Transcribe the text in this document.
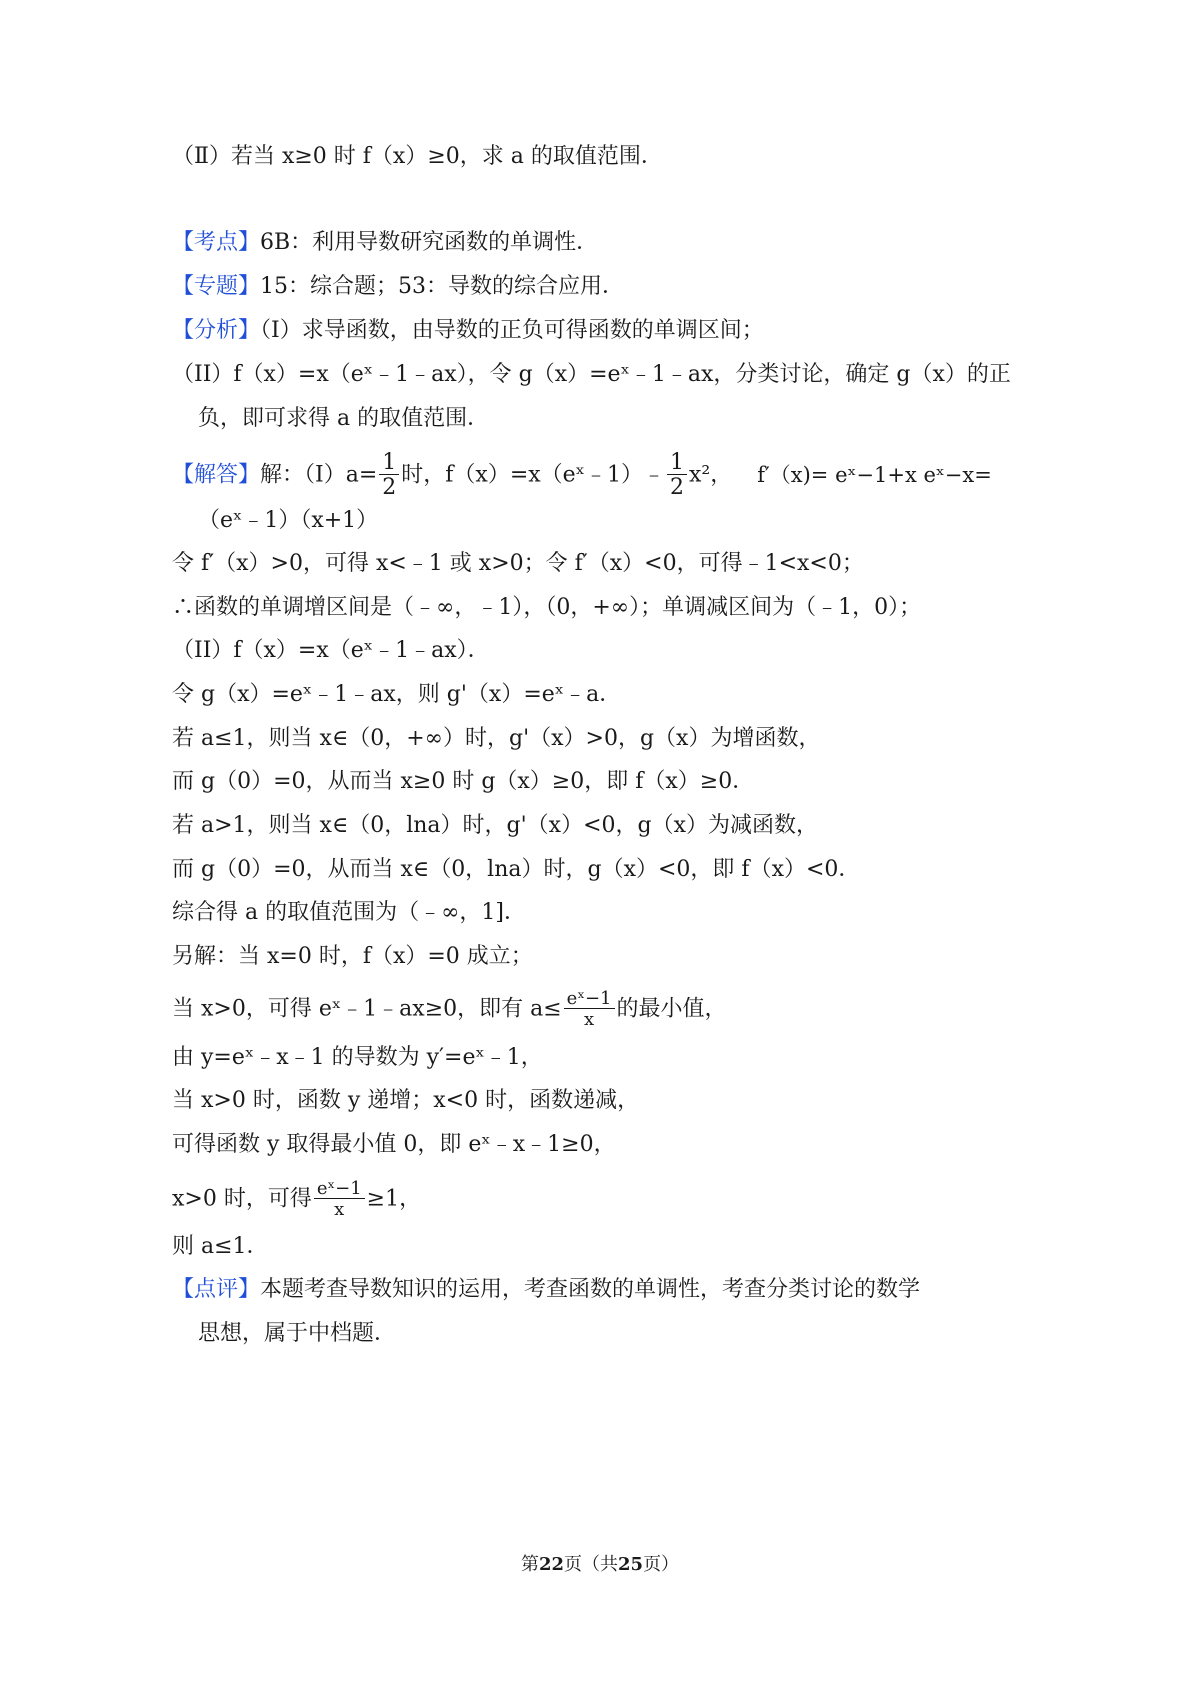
（Ⅱ）若当 x≥0 时 f（x）≥0，求 a 的取值范围．
【考点】6B：利用导数研究函数的单调性．
【专题】15：综合题；53：导数的综合应用．
【分析】（I）求导函数，由导数的正负可得函数的单调区间；
（II）f（x）=x（eˣ﹣1﹣ax），令 g（x）=eˣ﹣1﹣ax，分类讨论，确定 g（x）的正
负，即可求得 a 的取值范围．
【解答】解：$(I)a= \frac{1}{2}$ 时，f（x）=x（eˣ﹣1）﹣ $\frac{1}{2} x^2$， f′（x)= eˣ−1+x eˣ−x=
（eˣ﹣1）（x+1）
令 f′（x）>0，可得 x<﹣1 或 x>0；令 f′（x）<0，可得﹣1<x<0；
∴函数的单调增区间是（﹣∞，﹣1），（0，+∞）；单调减区间为（﹣1，0）；
（II）f（x）=x（eˣ﹣1﹣ax）．
令 g（x）=eˣ﹣1﹣ax，则 g'（x）=eˣ﹣a．
若 a≤1，则当 x∈（0，+∞）时，g'（x）>0，g（x）为增函数，
而 g（0）=0，从而当 x≥0 时 g（x）≥0，即 f（x）≥0．
若 a>1，则当 x∈（0，lna）时，g'（x）<0，g（x）为减函数，
而 g（0）=0，从而当 x∈（0，lna）时，g（x）<0，即 f（x）<0．
综合得 a 的取值范围为（﹣∞，1]．
另解：当 x=0 时，f（x）=0 成立；
当 x>0，可得 eˣ﹣1﹣ax≥0，即有 $a\le \frac{\text{eˣ−1}}{x}$ 的最小值，
由 y=eˣ﹣x﹣1 的导数为 y′=eˣ﹣1，
当 x>0 时，函数 y 递增；x<0 时，函数递减，
可得函数 y 取得最小值 0，即 eˣ﹣x﹣1≥0，
x>0 时，可得 $\frac{\text{eˣ−1}}{x} \ge 1$，
则 a≤1．
【点评】本题考查导数知识的运用，考查函数的单调性，考查分类讨论的数学
思想，属于中档题．
第22页（共25页）
